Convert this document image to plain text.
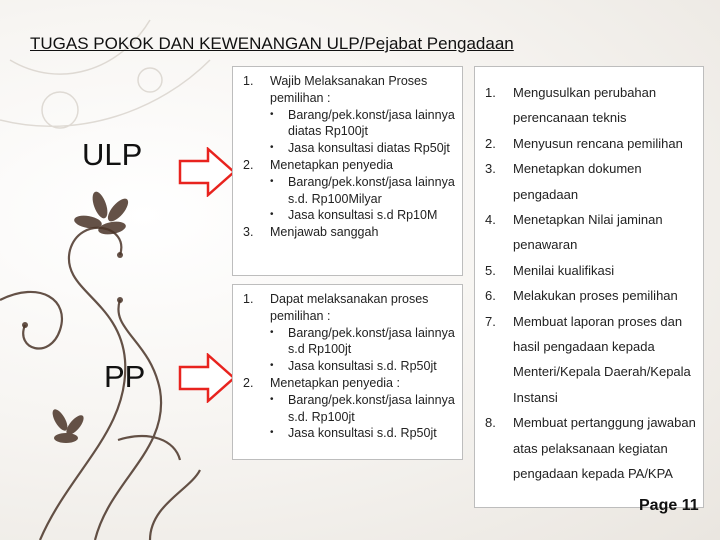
TUGAS POKOK DAN KEWENANGAN ULP/Pejabat Pengadaan
ULP
PP
1. Wajib Melaksanakan Proses pemilihan :
• Barang/pek.konst/jasa lainnya diatas Rp100jt
• Jasa konsultasi diatas Rp50jt
2. Menetapkan penyedia
• Barang/pek.konst/jasa lainnya s.d. Rp100Milyar
• Jasa konsultasi s.d Rp10M
3. Menjawab sanggah
1. Dapat melaksanakan proses pemilihan :
• Barang/pek.konst/jasa lainnya s.d Rp100jt
• Jasa konsultasi s.d. Rp50jt
2. Menetapkan penyedia :
• Barang/pek.konst/jasa lainnya s.d. Rp100jt
• Jasa konsultasi s.d. Rp50jt
1. Mengusulkan perubahan perencanaan teknis
2. Menyusun rencana pemilihan
3. Menetapkan dokumen pengadaan
4. Menetapkan Nilai jaminan penawaran
5. Menilai kualifikasi
6. Melakukan proses pemilihan
7. Membuat laporan proses dan hasil pengadaan kepada Menteri/Kepala Daerah/Kepala Instansi
8. Membuat pertanggung jawaban atas pelaksanaan kegiatan pengadaan kepada PA/KPA
Page 11
